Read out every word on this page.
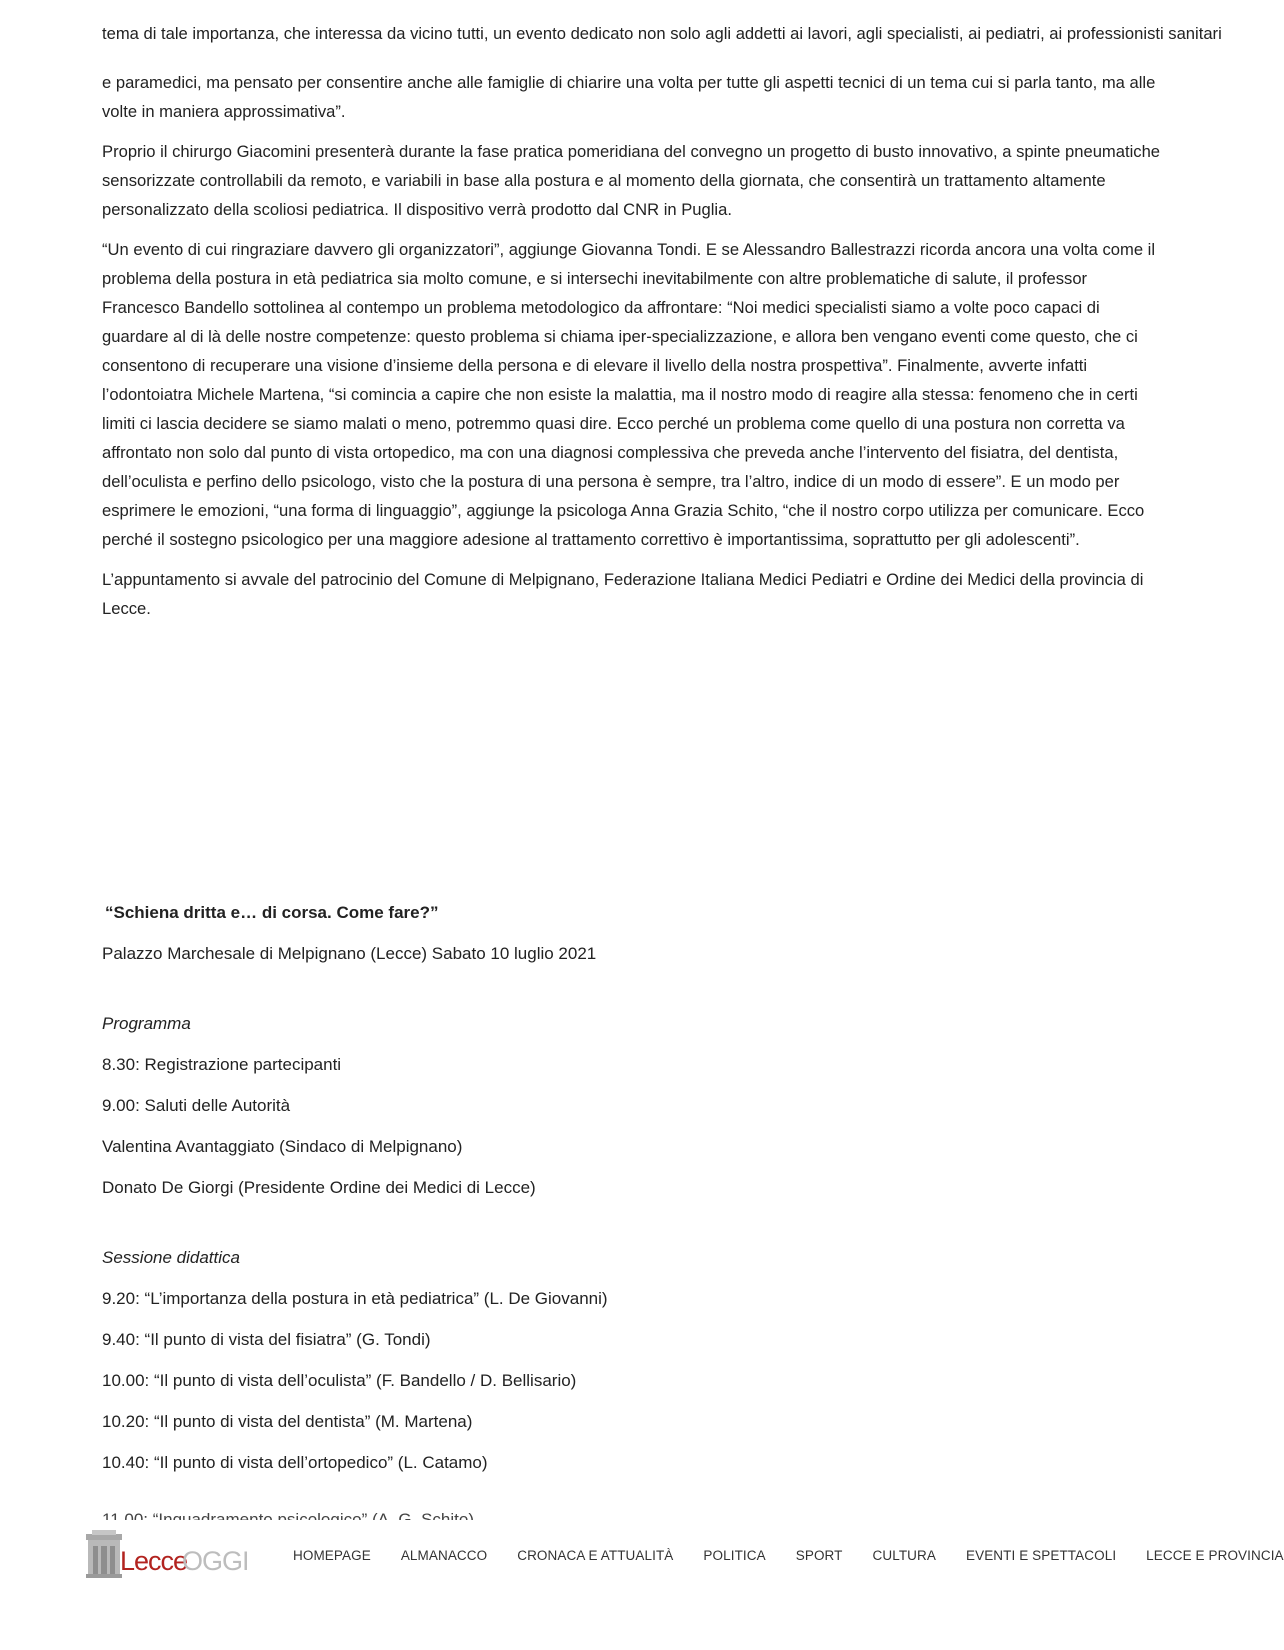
tema di tale importanza, che interessa da vicino tutti, un evento dedicato non solo agli addetti ai lavori, agli specialisti, ai pediatri, ai professionisti sanitari

e paramedici, ma pensato per consentire anche alle famiglie di chiarire una volta per tutte gli aspetti tecnici di un tema cui si parla tanto, ma alle volte in maniera approssimativa”.

Proprio il chirurgo Giacomini presenterà durante la fase pratica pomeridiana del convegno un progetto di busto innovativo, a spinte pneumatiche sensorizzate controllabili da remoto, e variabili in base alla postura e al momento della giornata, che consentirà un trattamento altamente personalizzato della scoliosi pediatrica. Il dispositivo verrà prodotto dal CNR in Puglia.

“Un evento di cui ringraziare davvero gli organizzatori”, aggiunge Giovanna Tondi. E se Alessandro Ballestrazzi ricorda ancora una volta come il problema della postura in età pediatrica sia molto comune, e si intersechi inevitabilmente con altre problematiche di salute, il professor Francesco Bandello sottolinea al contempo un problema metodologico da affrontare: “Noi medici specialisti siamo a volte poco capaci di guardare al di là delle nostre competenze: questo problema si chiama iper-specializzazione, e allora ben vengano eventi come questo, che ci consentono di recuperare una visione d’insieme della persona e di elevare il livello della nostra prospettiva”. Finalmente, avverte infatti l’odontoiatra Michele Martena, “si comincia a capire che non esiste la malattia, ma il nostro modo di reagire alla stessa: fenomeno che in certi limiti ci lascia decidere se siamo malati o meno, potremmo quasi dire. Ecco perché un problema come quello di una postura non corretta va affrontato non solo dal punto di vista ortopedico, ma con una diagnosi complessiva che preveda anche l’intervento del fisiatra, del dentista, dell’oculista e perfino dello psicologo, visto che la postura di una persona è sempre, tra l’altro, indice di un modo di essere”. E un modo per esprimere le emozioni, “una forma di linguaggio”, aggiunge la psicologa Anna Grazia Schito, “che il nostro corpo utilizza per comunicare. Ecco perché il sostegno psicologico per una maggiore adesione al trattamento correttivo è importantissima, soprattutto per gli adolescenti”.

L’appuntamento si avvale del patrocinio del Comune di Melpignano, Federazione Italiana Medici Pediatri e Ordine dei Medici della provincia di Lecce.

“Schiena dritta e… di corsa. Come fare?”

Palazzo Marchesale di Melpignano (Lecce) Sabato 10 luglio 2021

Programma

8.30: Registrazione partecipanti

9.00: Saluti delle Autorità

Valentina Avantaggiato (Sindaco di Melpignano)

Donato De Giorgi (Presidente Ordine dei Medici di Lecce)

Sessione didattica

9.20: “L’importanza della postura in età pediatrica” (L. De Giovanni)

9.40: “Il punto di vista del fisiatra” (G. Tondi)

10.00: “Il punto di vista dell’oculista” (F. Bandello / D. Bellisario)

10.20: “Il punto di vista del dentista” (M. Martena)

10.40: “Il punto di vista dell’ortopedico” (L. Catamo)

Lecce
OGGI	HOMEPAGE ALMANACCO CRONACA E ATTUALITÀ POLITICA SPORT CULTURA EVENTI E SPETTACOLI LECCE E PROVINCIA
